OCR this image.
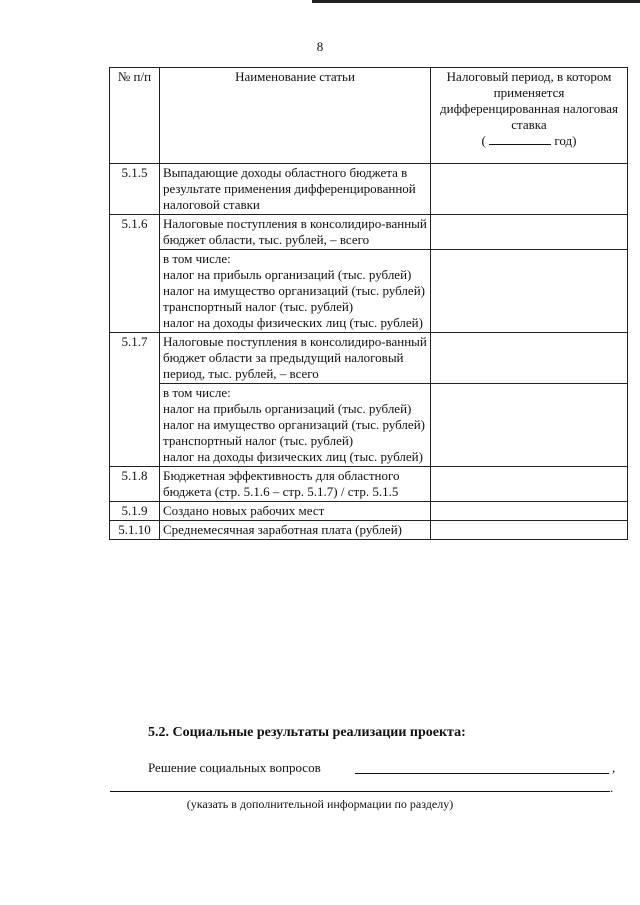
8
№ п/п	Наименование статьи	Налоговый период, в котором применяется дифференцированная налоговая ставка
( год)
5.1.5	Выпадающие доходы областного бюджета в результате применения дифференцированной налоговой ставки	
5.1.6	Налоговые поступления в консолидиро-ванный бюджет области, тыс. рублей, – всего	

	в том числе:
налог на прибыль организаций (тыс. рублей)
налог на имущество организаций (тыс. рублей)
транспортный налог (тыс. рублей)
налог на доходы физических лиц (тыс. рублей)	

5.1.7	Налоговые поступления в консолидиро-ванный бюджет области за предыдущий налоговый период, тыс. рублей, – всего	

	в том числе:
налог на прибыль организаций (тыс. рублей)
налог на имущество организаций (тыс. рублей)
транспортный налог (тыс. рублей)
налог на доходы физических лиц (тыс. рублей)	

5.1.8	Бюджетная эффективность для областного бюджета (стр. 5.1.6 – стр. 5.1.7) / стр. 5.1.5	
5.1.9	Создано новых рабочих мест	
5.1.10	Среднемесячная заработная плата (рублей)	
5.2. Социальные результаты реализации проекта:
Решение социальных вопросов	,
.
(указать в дополнительной информации по разделу)
